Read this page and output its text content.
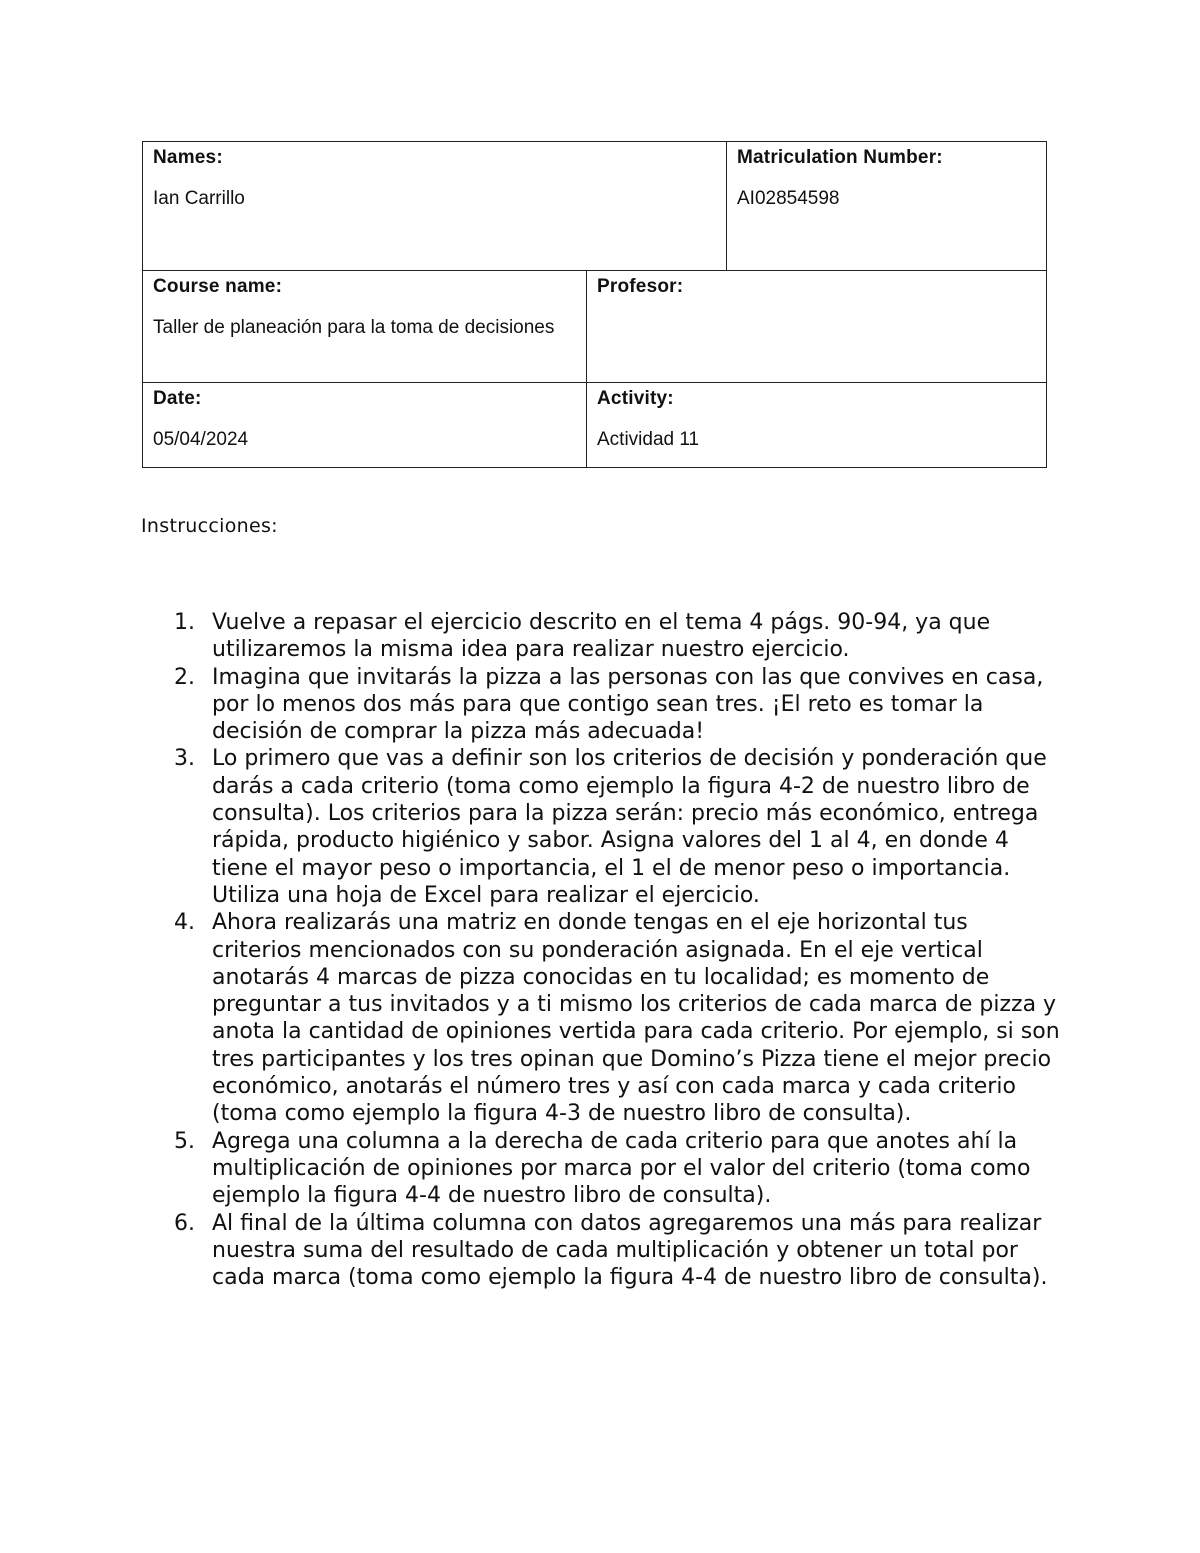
Names:
Ian Carrillo
Matriculation Number:
AI02854598
Course name:
Taller de planeación para la toma de decisiones
Profesor:
Date:
05/04/2024
Activity:
Actividad 11
Instrucciones:
1. Vuelve a repasar el ejercicio descrito en el tema 4 págs. 90-94, ya que utilizaremos la misma idea para realizar nuestro ejercicio.
2. Imagina que invitarás la pizza a las personas con las que convives en casa, por lo menos dos más para que contigo sean tres. ¡El reto es tomar la decisión de comprar la pizza más adecuada!
3. Lo primero que vas a definir son los criterios de decisión y ponderación que darás a cada criterio (toma como ejemplo la figura 4-2 de nuestro libro de consulta). Los criterios para la pizza serán: precio más económico, entrega rápida, producto higiénico y sabor. Asigna valores del 1 al 4, en donde 4 tiene el mayor peso o importancia, el 1 el de menor peso o importancia. Utiliza una hoja de Excel para realizar el ejercicio.
4. Ahora realizarás una matriz en donde tengas en el eje horizontal tus criterios mencionados con su ponderación asignada. En el eje vertical anotarás 4 marcas de pizza conocidas en tu localidad; es momento de preguntar a tus invitados y a ti mismo los criterios de cada marca de pizza y anota la cantidad de opiniones vertida para cada criterio. Por ejemplo, si son tres participantes y los tres opinan que Domino’s Pizza tiene el mejor precio económico, anotarás el número tres y así con cada marca y cada criterio (toma como ejemplo la figura 4-3 de nuestro libro de consulta).
5. Agrega una columna a la derecha de cada criterio para que anotes ahí la multiplicación de opiniones por marca por el valor del criterio (toma como ejemplo la figura 4-4 de nuestro libro de consulta).
6. Al final de la última columna con datos agregaremos una más para realizar nuestra suma del resultado de cada multiplicación y obtener un total por cada marca (toma como ejemplo la figura 4-4 de nuestro libro de consulta).
